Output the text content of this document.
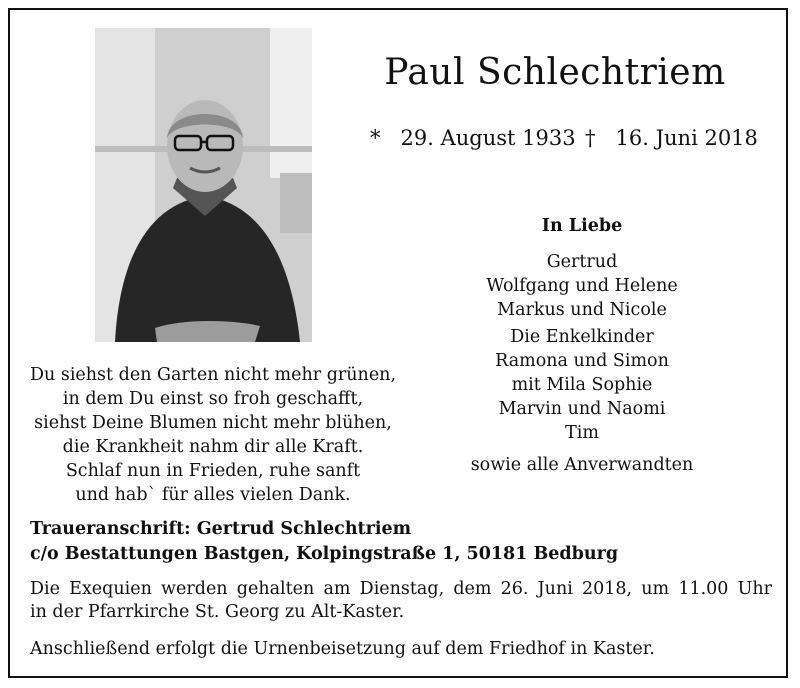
Paul Schlechtriem
* 29. August 1933 † 16. Juni 2018
In Liebe
Gertrud
Wolfgang und Helene
Markus und Nicole
Die Enkelkinder
Ramona und Simon
mit Mila Sophie
Marvin und Naomi
Tim
sowie alle Anverwandten
Du siehst den Garten nicht mehr grünen,
in dem Du einst so froh geschafft,
siehst Deine Blumen nicht mehr blühen,
die Krankheit nahm dir alle Kraft.
Schlaf nun in Frieden, ruhe sanft
und hab` für alles vielen Dank.
Traueranschrift: Gertrud Schlechtriem
c/o Bestattungen Bastgen, Kolpingstraße 1, 50181 Bedburg

Die Exequien werden gehalten am Dienstag, dem 26. Juni 2018, um 11.00 Uhr

in der Pfarrkirche St. Georg zu Alt-Kaster.

Anschließend erfolgt die Urnenbeisetzung auf dem Friedhof in Kaster.
